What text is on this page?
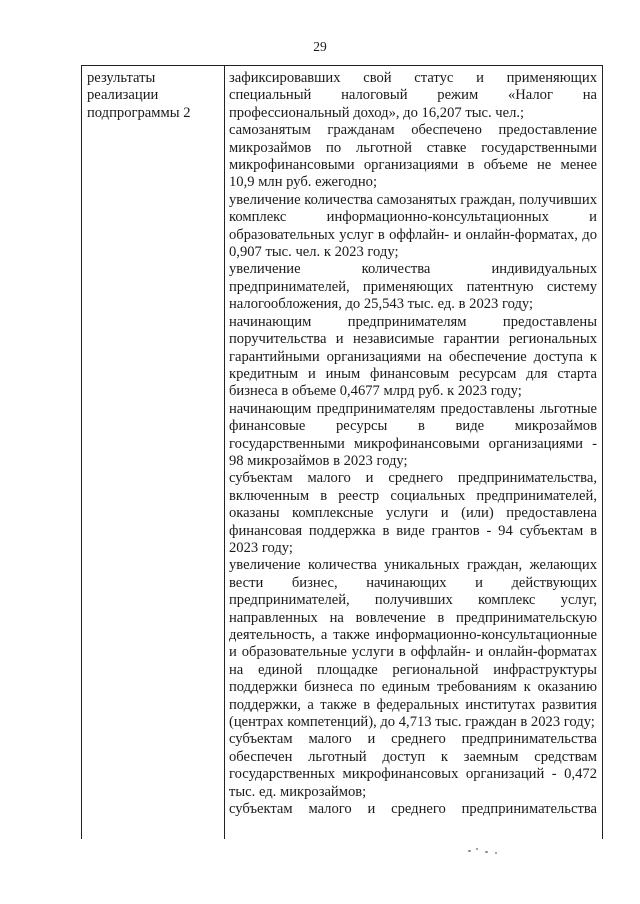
29
результаты реализации подпрограммы 2

зафиксировавших свой статус и применяющих специальный налоговый режим «Налог на профессиональный доход», до 16,207 тыс. чел.;

самозанятым гражданам обеспечено предоставление микрозаймов по льготной ставке государственными микрофинансовыми организациями в объеме не менее 10,9 млн руб. ежегодно;

увеличение количества самозанятых граждан, получивших комплекс информационно-консультационных и образовательных услуг в оффлайн- и онлайн-форматах, до 0,907 тыс. чел. к 2023 году;

увеличение количества индивидуальных предпринимателей, применяющих патентную систему налогообложения, до 25,543 тыс. ед. в 2023 году;

начинающим предпринимателям предоставлены поручительства и независимые гарантии региональных гарантийными организациями на обеспечение доступа к кредитным и иным финансовым ресурсам для старта бизнеса в объеме 0,4677 млрд руб. к 2023 году;

начинающим предпринимателям предоставлены льготные финансовые ресурсы в виде микрозаймов государственными микрофинансовыми организациями - 98 микрозаймов в 2023 году;

субъектам малого и среднего предпринимательства, включенным в реестр социальных предпринимателей, оказаны комплексные услуги и (или) предоставлена финансовая поддержка в виде грантов - 94 субъектам в 2023 году;

увеличение количества уникальных граждан, желающих вести бизнес, начинающих и действующих предпринимателей, получивших комплекс услуг, направленных на вовлечение в предпринимательскую деятельность, а также информационно-консультационные и образовательные услуги в оффлайн- и онлайн-форматах на единой площадке региональной инфраструктуры поддержки бизнеса по единым требованиям к оказанию поддержки, а также в федеральных институтах развития (центрах компетенций), до 4,713 тыс. граждан в 2023 году;

субъектам малого и среднего предпринимательства обеспечен льготный доступ к заемным средствам государственных микрофинансовых организаций - 0,472 тыс. ед. микрозаймов;

субъектам малого и среднего предпринимательства
